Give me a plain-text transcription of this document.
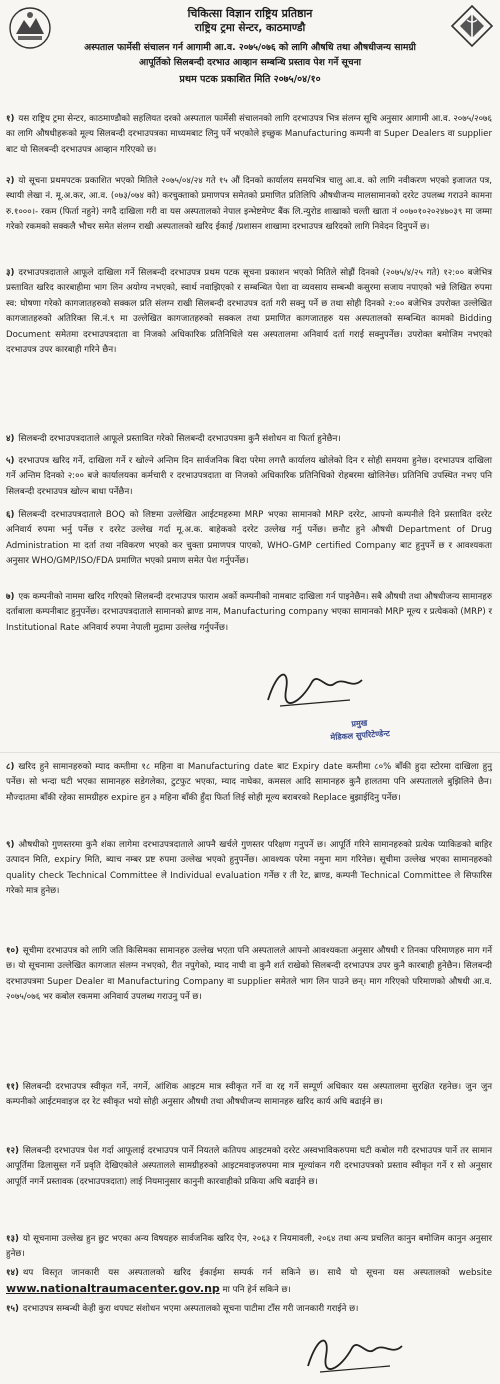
चिकित्सा विज्ञान राष्ट्रिय प्रतिष्ठान
राष्ट्रिय ट्रमा सेन्टर, काठमाण्डौ
अस्पताल फार्मेसी संचालन गर्न आगामी आ.व. २०७५/०७६ को लागि औषधि तथा औषधीजन्य सामग्री
आपूर्तिको सिलबन्दी दरभाउ आव्हान सम्बन्धि प्रस्ताव पेश गर्ने सूचना
प्रथम पटक प्रकाशित मिति २०७५/०४/१०
१) यस राष्ट्रिय ट्रमा सेन्टर, काठमाण्डौको सहलियत दरको अस्पताल फार्मेसी संचालनको लागि दरभाउपत्र भित्र संलग्न सूचि अनुसार आगामी आ.व. २०७५/२०७६ का लागि औषधीहरूको मूल्य सिलबन्दी दरभाउपत्रका माध्यमबाट लिनु पर्ने भएकोले इच्छुक Manufacturing कम्पनी वा Super Dealers वा supplier बाट यो सिलबन्दी दरभाउपत्र आव्हान गरिएको छ।
२) यो सूचना प्रथमपटक प्रकाशित भएको मितिले २०७५/०४/२४ गते १५ औं दिनको कार्यालय समयभित्र चालु आ.व. को लागि नवीकरण भएको इजाजत पत्र, स्थायी लेखा नं. मू.अ.कर, आ.व. (०७३/०७४ को) करचुक्ताको प्रमाणपत्र समेतको प्रमाणित प्रतिलिपि औषधीजन्य मालसामानको दररेट उपलब्ध गराउने कामना रु.१०००।- रकम (फिर्ता नहुने) नगदै दाखिला गरी वा यस अस्पतालको नेपाल इन्भेष्टमेण्ट बैंक लि.न्युरोड शाखाको चल्ती खाता नं ००७०१०२०२४७०३९ मा जम्मा गरेको रकमको सक्कलै भौचर समेत संलग्न राखी अस्पतालको खरिद ईकाई /प्रशासन शाखामा दरभाउपत्र खरिदको लागि निवेदन दिनुपर्ने छ।
३) दरभाउपत्रदाताले आफूले दाखिला गर्ने सिलबन्दी दरभाउपत्र प्रथम पटक सूचना प्रकाशन भएको मितिले सोह्रौं दिनको (२०७५/४/२५ गते) १२:०० बजेभित्र प्रस्तावित खरिद कारबाहीमा भाग लिन अयोग्य नभएको, स्वार्थ नवाझिएको र सम्बन्धित पेशा वा व्यवसाय सम्बन्धी कसुरमा सजाय नपाएको भन्ने लिखित रुपमा स्व: घोषणा गरेको कागजातहरुको सक्कल प्रति संलग्न राखी सिलबन्दी दरभाउपत्र दर्ता गरी सक्नु पर्ने छ तथा सोही दिनको २:०० बजेभित्र उपरोक्त उल्लेखित कागजातहरुको अतिरिक्त सि.नं.९ मा उल्लेखित कागजातहरुको सक्कल तथा प्रमाणित कागजातहरु यस अस्पतालको सम्बन्धित कामको Bidding Document समेतमा दरभाउपत्रदाता वा निजको अधिकारिक प्रतिनिधिले यस अस्पतालमा अनिवार्य दर्ता गराई सक्नुपर्नेछ। उपरोक्त बमोजिम नभएको दरभाउपत्र उपर कारबाही गरिने छैन।
४) सिलबन्दी दरभाउपत्रदाताले आफूले प्रस्तावित गरेको सिलबन्दी दरभाउपत्रमा कुनै संशोधन वा फिर्ता हुनेछैन।
५) दरभाउपत्र खरिद गर्ने, दाखिला गर्ने र खोल्ने अन्तिम दिन सार्वजनिक बिदा परेमा लगत्तै कार्यालय खोलेको दिन र सोही समयमा हुनेछ। दरभाउपत्र दाखिला गर्ने अन्तिम दिनको २:०० बजे कार्यालयका कर्मचारी र दरभाउपत्रदाता वा निजको अधिकारिक प्रतिनिधिको रोहबरमा खोलिनेछ। प्रतिनिधि उपस्थित नभए पनि सिलबन्दी दरभाउपत्र खोल्न बाधा पर्नेछैन।
६) सिलबन्दी दरभाउपत्रदाताले BOQ को लिष्टमा उल्लेखित आईटमहरुमा MRP भएका सामानको MRP दररेट, आफ्नो कम्पनीले दिने प्रस्तावित दररेट अनिवार्य रुपमा भर्नु पर्नेछ र दररेट उल्लेख गर्दा मू.अ.क. बाहेकको दररेट उल्लेख गर्नु पर्नेछ। छनौट हुने औषधी Department of Drug Administration मा दर्ता तथा नविकरण भएको कर चुक्ता प्रमाणपत्र पाएको, WHO-GMP certified Company बाट हुनुपर्ने छ र आवश्यकता अनुसार WHO/GMP/ISO/FDA प्रमाणित भएको प्रमाण समेत पेश गर्नुपर्नेछ।
७) एक कम्पनीको नाममा खरिद गरिएको सिलबन्दी दरभाउपत्र फाराम अर्को कम्पनीको नामबाट दाखिला गर्न पाइनेछैन। सबै औषधी तथा औषधीजन्य सामानहरु दर्ताबाला कम्पनीबाट हुनुपर्नेछ। दरभाउपत्रदाताले सामानको ब्राण्ड नाम, Manufacturing company भएका सामानको MRP मूल्य र प्रत्येकको (MRP) र Institutional Rate अनिवार्य रुपमा नेपाली मुद्रामा उल्लेख गर्नुपर्नेछ।
प्रमुख
मेडिकल सुपरिटेण्डेन्ट
८) खरिद हुने सामानहरुको म्याद कम्तीमा १८ महिना वा Manufacturing date बाट Expiry date कम्तीमा ८०% बाँकी हुदा स्टोरमा दाखिला हुनु पर्नेछ। सो भन्दा घटी भएका सामानहरु सडेगलेका, टुटफुट भएका, म्याद नाघेका, कमसल आदि सामानहरु कुनै हालतमा पनि अस्पतालले बुझिलिने छैन। मौज्दातमा बाँकी रहेका सामग्रीहरु expire हुन ३ महिना बाँकी हुँदा फिर्ता लिई सोही मूल्य बराबरको Replace बुझाईदिनु पर्नेछ।
९) औषधीको गुणस्तरमा कुनै शंका लागेमा दरभाउपत्रदाताले आफ्नै खर्चले गुणस्तर परिक्षण गनुपर्ने छ। आपूर्ति गरिने सामानहरुको प्रत्येक प्याकिङको बाहिर उत्पादन मिति, expiry मिति, ब्याच नम्बर प्रष्ट रुपमा उल्लेख भएको हुनुपर्नेछ। आवश्यक परेमा नमुना माग गरिनेछ। सूचीमा उल्लेख भएका सामानहरुको quality check Technical Committee ले Individual evaluation गर्नेछ र ती रेट, ब्राण्ड, कम्पनी Technical Committee ले सिफारिस गरेको मात्र हुनेछ।
१०) सूचीमा दरभाउपत्र को लागि जति किसिमका सामानहरु उल्लेख भएता पनि अस्पतालले आफ्नो आवश्यकता अनुसार औषधी र तिनका परिमाणहरु माग गर्ने छ। यो सूचनामा उल्लेखित कागजात संलग्न नभएको, रीत नपुगेको, म्याद नाघी वा कुनै शर्त राखेको सिलबन्दी दरभाउपत्र उपर कुनै कारबाही हुनेछैन। सिलबन्दी दरभाउपत्रमा Super Dealer वा Manufacturing Company वा supplier समेतले भाग लिन पाउने छन्। माग गरिएको परिमाणको औषधी आ.व. २०७५/०७६ भर कबोल रकममा अनिवार्य उपलब्ध गराउनु पर्ने छ।
११) सिलबन्दी दरभाउपत्र स्वीकृत गर्ने, नगर्ने, आंशिक आइटम मात्र स्वीकृत गर्ने वा रद्द गर्ने सम्पूर्ण अधिकार यस अस्पतालमा सुरक्षित रहनेछ। जुन जुन कम्पनीको आईटमवाइज दर रेट स्वीकृत भयो सोही अनुसार औषधी तथा औषधीजन्य सामानहरु खरिद कार्य अघि बढाईने छ।
१२) सिलबन्दी दरभाउपत्र पेश गर्दा आफूलाई दरभाउपत्र पार्ने नियतले कतिपय आइटमको दररेट अस्वभाविकरुपमा घटी कबोल गरी दरभाउपत्र पार्ने तर सामान आपूर्तिमा ढिलासुस्त गर्ने प्रवृति देखिएकोले अस्पतालले सामग्रीहरुको आइटमवाइजरुपमा मात्र मूल्यांकन गरी दरभाउपत्रको प्रस्ताव स्वीकृत गर्ने र सो अनुसार आपूर्ति नगर्ने प्रस्तावक (दरभाउपत्रदाता) लाई नियमानुसार कानुनी कारवाहीको प्रकिया अघि बढाईने छ।
१३) यो सूचनामा उल्लेख हुन छुट भएका अन्य विषयहरु सार्वजनिक खरिद ऐन, २०६३ र नियमावली, २०६४ तथा अन्य प्रचलित कानुन बमोजिम कानुन अनुसार हुनेछ।
१४) थप विस्तृत जानकारी यस अस्पतालको खरिद ईकाईमा सम्पर्क गर्न सकिने छ। साथै यो सूचना यस अस्पतालको website www.nationaltraumacenter.gov.np मा पनि हेर्न सकिने छ।
१५) दरभाउपत्र सम्बन्धी केही कुरा थपघट संशोधन भएमा अस्पतालको सूचना पाटीमा टाँस गरी जानकारी गराईने छ।
